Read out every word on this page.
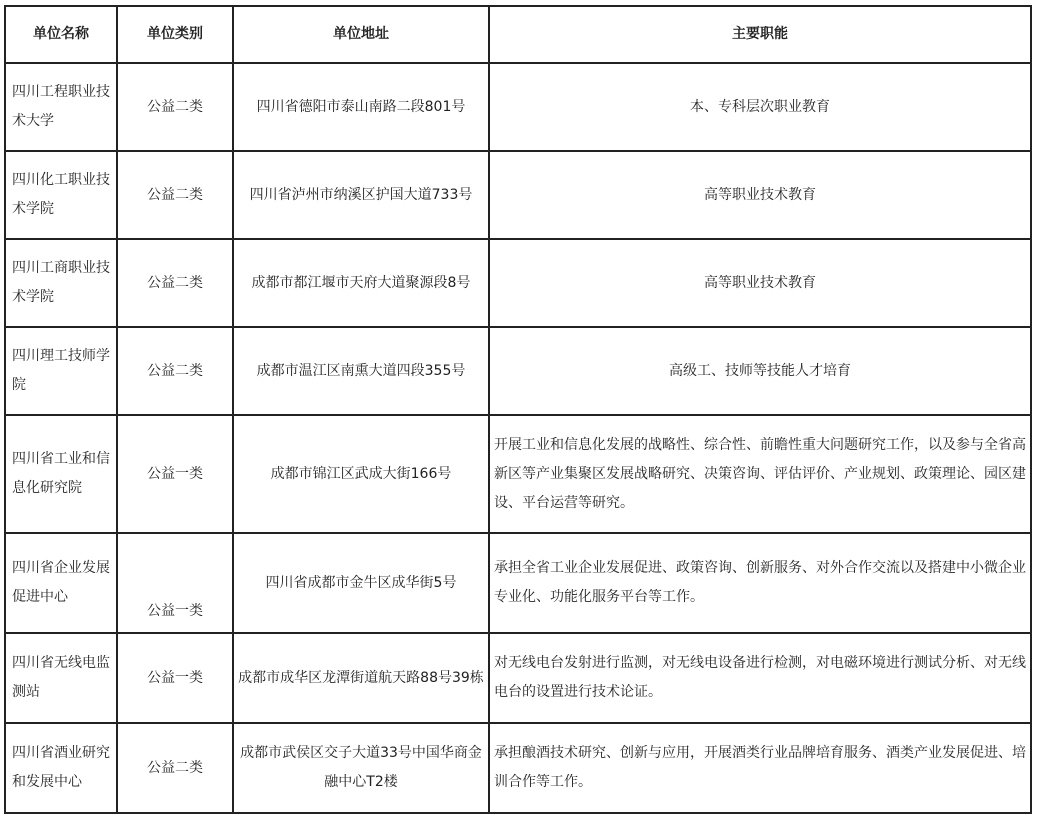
单位名称	单位类别	单位地址	主要职能
四川工程职业技术大学	公益二类	四川省德阳市泰山南路二段801号	本、专科层次职业教育
四川化工职业技术学院	公益二类	四川省泸州市纳溪区护国大道733号	高等职业技术教育
四川工商职业技术学院	公益二类	成都市都江堰市天府大道聚源段8号	高等职业技术教育
四川理工技师学院	公益二类	成都市温江区南熏大道四段355号	高级工、技师等技能人才培育
四川省工业和信息化研究院	公益一类	成都市锦江区武成大街166号	开展工业和信息化发展的战略性、综合性、前瞻性重大问题研究工作，以及参与全省高新区等产业集聚区发展战略研究、决策咨询、评估评价、产业规划、政策理论、园区建设、平台运营等研究。
四川省企业发展促进中心	公益一类	四川省成都市金牛区成华街5号	承担全省工业企业发展促进、政策咨询、创新服务、对外合作交流以及搭建中小微企业专业化、功能化服务平台等工作。
四川省无线电监测站	公益一类	成都市成华区龙潭街道航天路88号39栋	对无线电台发射进行监测，对无线电设备进行检测，对电磁环境进行测试分析、对无线电台的设置进行技术论证。
四川省酒业研究和发展中心	公益二类	成都市武侯区交子大道33号中国华商金融中心T2楼	承担酿酒技术研究、创新与应用，开展酒类行业品牌培育服务、酒类产业发展促进、培训合作等工作。
